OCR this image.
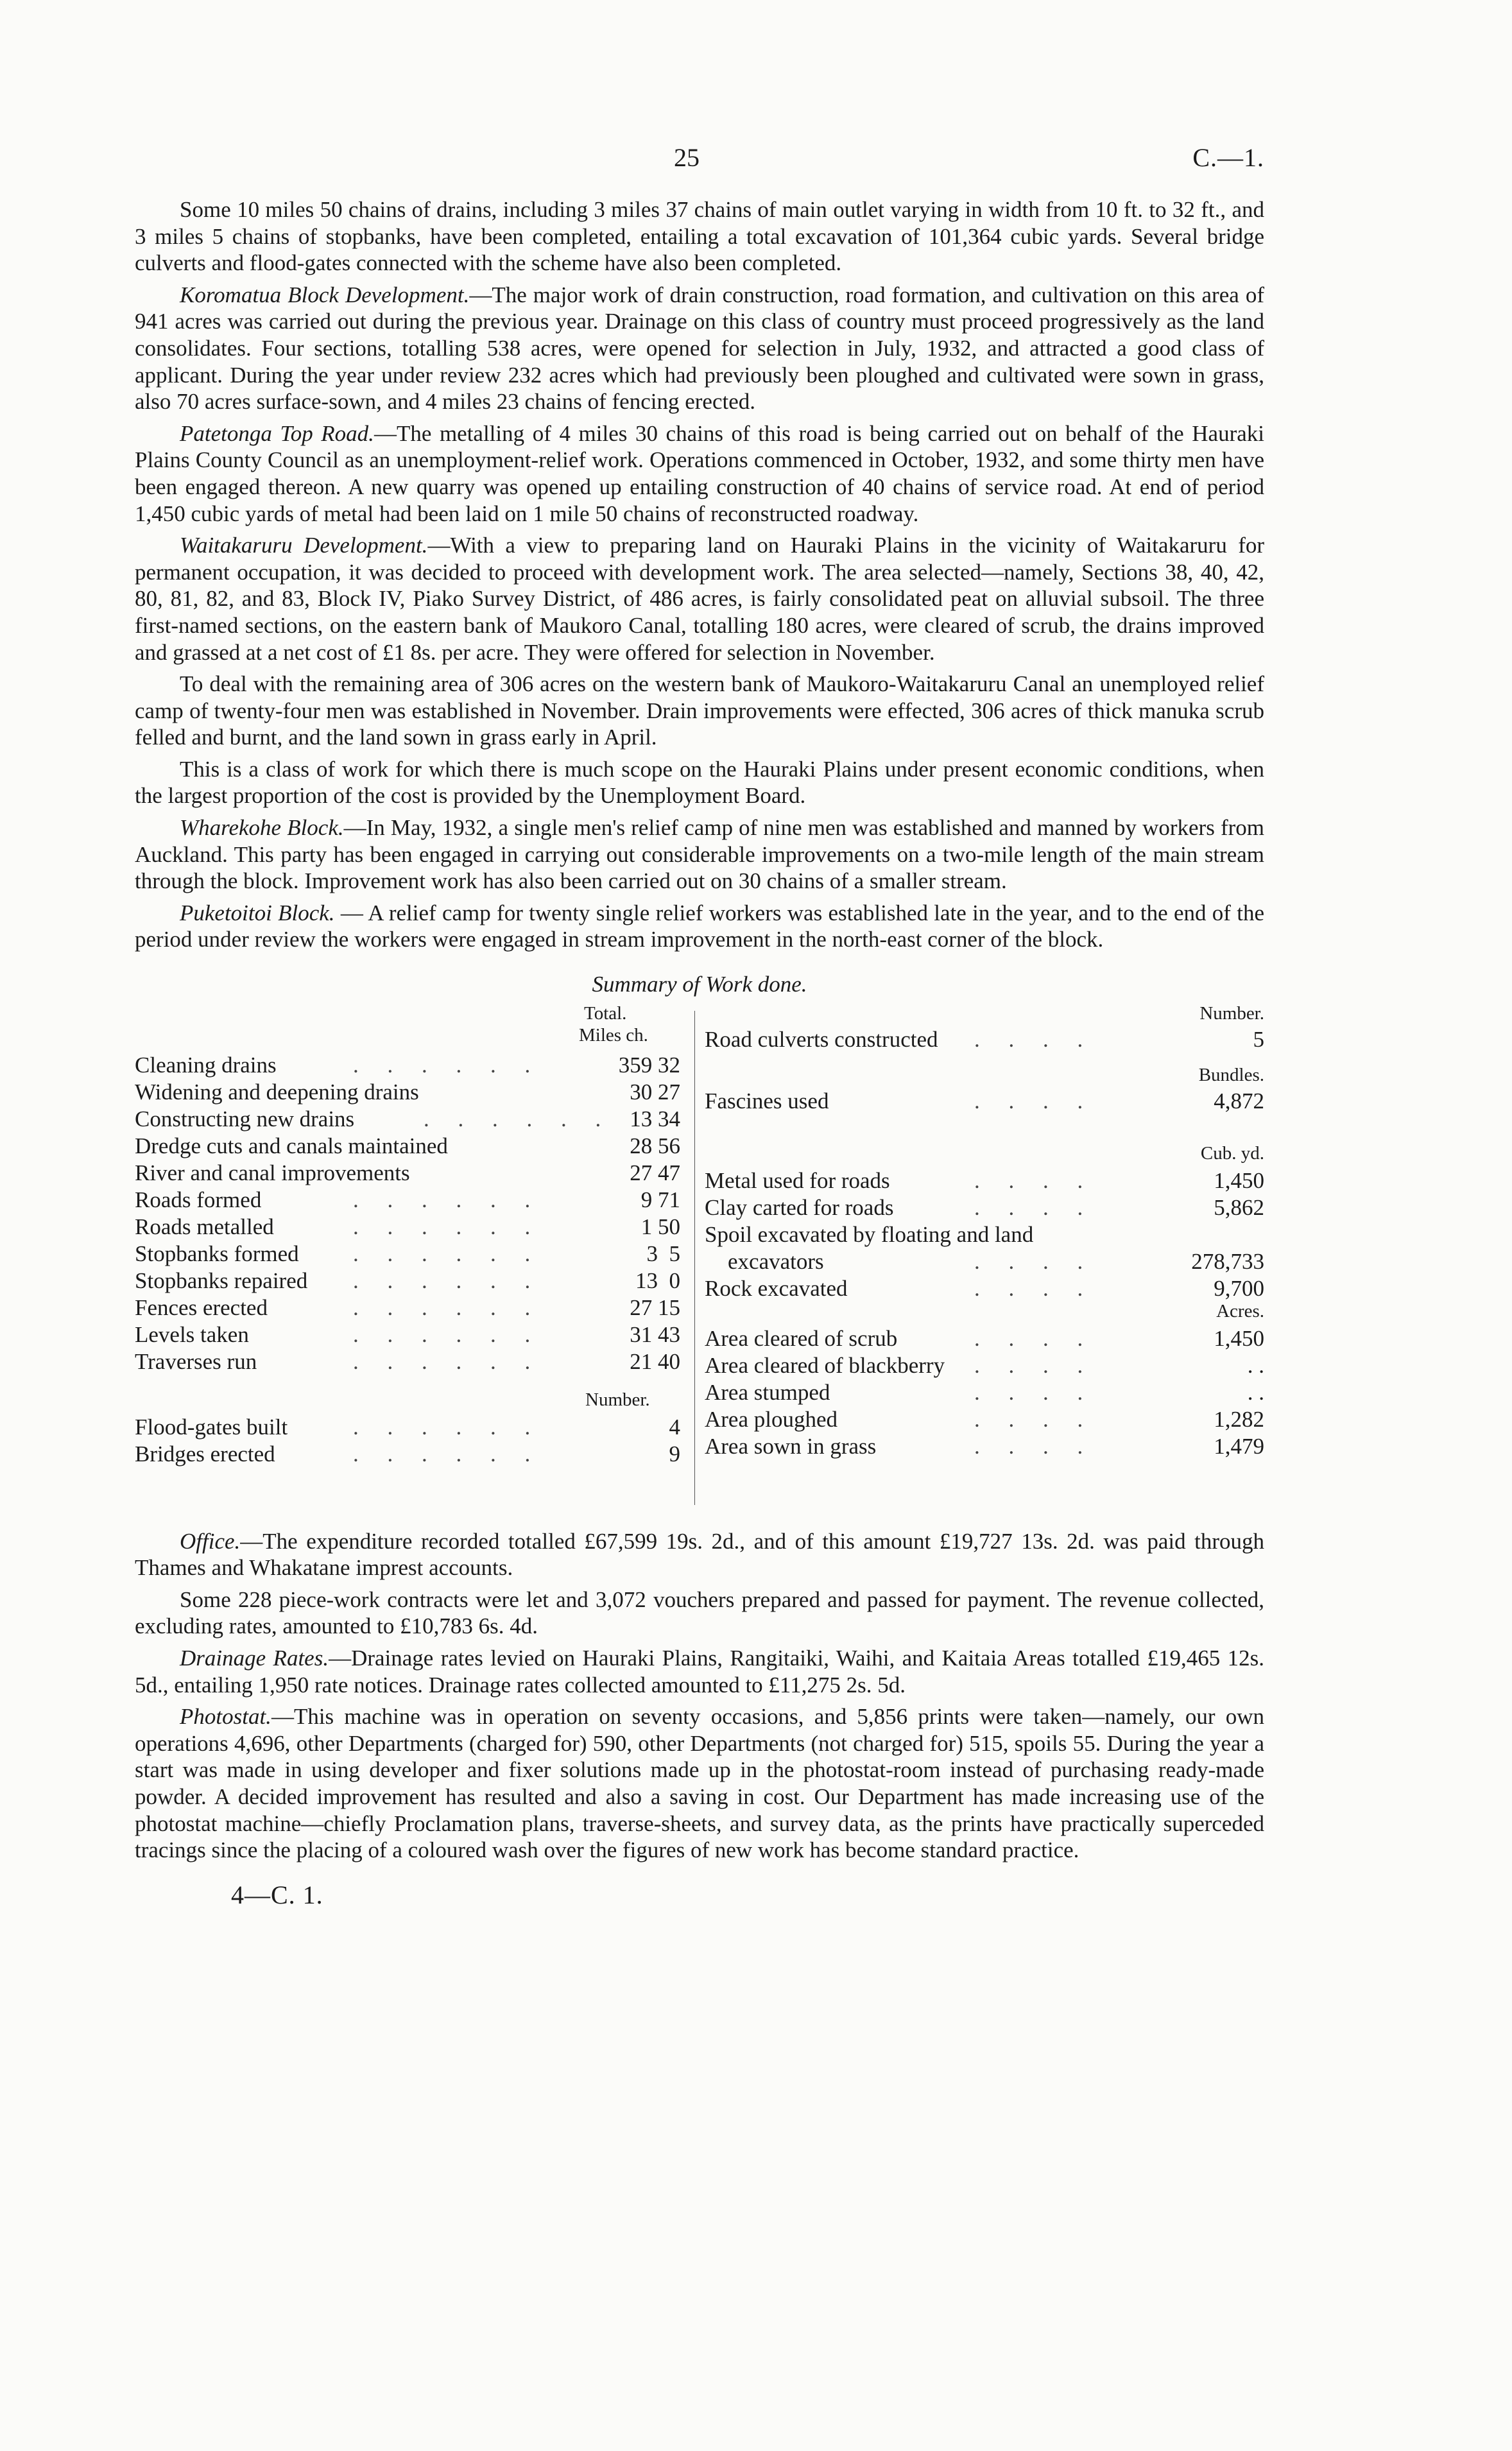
25	C.—1.

Some 10 miles 50 chains of drains, including 3 miles 37 chains of main outlet varying in width from 10 ft. to 32 ft., and 3 miles 5 chains of stopbanks, have been completed, entailing a total excavation of 101,364 cubic yards. Several bridge culverts and flood-gates connected with the scheme have also been completed.

Koromatua Block Development.—The major work of drain construction, road formation, and cultivation on this area of 941 acres was carried out during the previous year. Drainage on this class of country must proceed progressively as the land consolidates. Four sections, totalling 538 acres, were opened for selection in July, 1932, and attracted a good class of applicant. During the year under review 232 acres which had previously been ploughed and cultivated were sown in grass, also 70 acres surface-sown, and 4 miles 23 chains of fencing erected.

Patetonga Top Road.—The metalling of 4 miles 30 chains of this road is being carried out on behalf of the Hauraki Plains County Council as an unemployment-relief work. Operations commenced in October, 1932, and some thirty men have been engaged thereon. A new quarry was opened up entailing construction of 40 chains of service road. At end of period 1,450 cubic yards of metal had been laid on 1 mile 50 chains of reconstructed roadway.

Waitakaruru Development.—With a view to preparing land on Hauraki Plains in the vicinity of Waitakaruru for permanent occupation, it was decided to proceed with development work. The area selected—namely, Sections 38, 40, 42, 80, 81, 82, and 83, Block IV, Piako Survey District, of 486 acres, is fairly consolidated peat on alluvial subsoil. The three first-named sections, on the eastern bank of Maukoro Canal, totalling 180 acres, were cleared of scrub, the drains improved and grassed at a net cost of £1 8s. per acre. They were offered for selection in November.

To deal with the remaining area of 306 acres on the western bank of Maukoro-Waitakaruru Canal an unemployed relief camp of twenty-four men was established in November. Drain improvements were effected, 306 acres of thick manuka scrub felled and burnt, and the land sown in grass early in April.

This is a class of work for which there is much scope on the Hauraki Plains under present economic conditions, when the largest proportion of the cost is provided by the Unemployment Board.

Wharekohe Block.—In May, 1932, a single men's relief camp of nine men was established and manned by workers from Auckland. This party has been engaged in carrying out considerable improvements on a two-mile length of the main stream through the block. Improvement work has also been carried out on 30 chains of a smaller stream.

Puketoitoi Block. — A relief camp for twenty single relief workers was established late in the year, and to the end of the period under review the workers were engaged in stream improvement in the north-east corner of the block.

Summary of Work done.
Total.
Miles ch.
Number.
Cleaning drains	. . . . . .	359 32
Widening and deepening drains	30 27
Constructing new drains	. . . . . . 13 34
Dredge cuts and canals maintained	28 56
River and canal improvements	27 47
Roads formed	. . . . . .	9 71
Roads metalled	. . . . . .	1 50
Stopbanks formed . . . . . .	3  5
Stopbanks repaired . . . . . .	13  0
Fences erected	. . . . . .	27 15
Levels taken	. . . . . .	31 43
Traverses run	. . . . . .	21 40
Flood-gates built	. . . . . .	4
Bridges erected	. . . . . .	9
Number.
Bundles.
Cub. yd.
Acres.
Road culverts constructed . . . .	5
Fascines used	. . . .	4,872
Metal used for roads	. . . .	1,450
Clay carted for roads	. . . .	5,862
Spoil excavated by floating and land
excavators	. . . .	278,733
Rock excavated	. . . .	9,700
Area cleared of scrub	. . . .	1,450
Area cleared of blackberry . . . .	. .
Area stumped	. . . .	. .
Area ploughed	. . . .	1,282
Area sown in grass	. . . .	1,479

Office.—The expenditure recorded totalled £67,599 19s. 2d., and of this amount £19,727 13s. 2d. was paid through Thames and Whakatane imprest accounts.

Some 228 piece-work contracts were let and 3,072 vouchers prepared and passed for payment. The revenue collected, excluding rates, amounted to £10,783 6s. 4d.

Drainage Rates.—Drainage rates levied on Hauraki Plains, Rangitaiki, Waihi, and Kaitaia Areas totalled £19,465 12s. 5d., entailing 1,950 rate notices. Drainage rates collected amounted to £11,275 2s. 5d.

Photostat.—This machine was in operation on seventy occasions, and 5,856 prints were taken—namely, our own operations 4,696, other Departments (charged for) 590, other Departments (not charged for) 515, spoils 55. During the year a start was made in using developer and fixer solutions made up in the photostat-room instead of purchasing ready-made powder. A decided improvement has resulted and also a saving in cost. Our Department has made increasing use of the photostat machine—chiefly Proclamation plans, traverse-sheets, and survey data, as the prints have practically superceded tracings since the placing of a coloured wash over the figures of new work has become standard practice.

4—C. 1.
